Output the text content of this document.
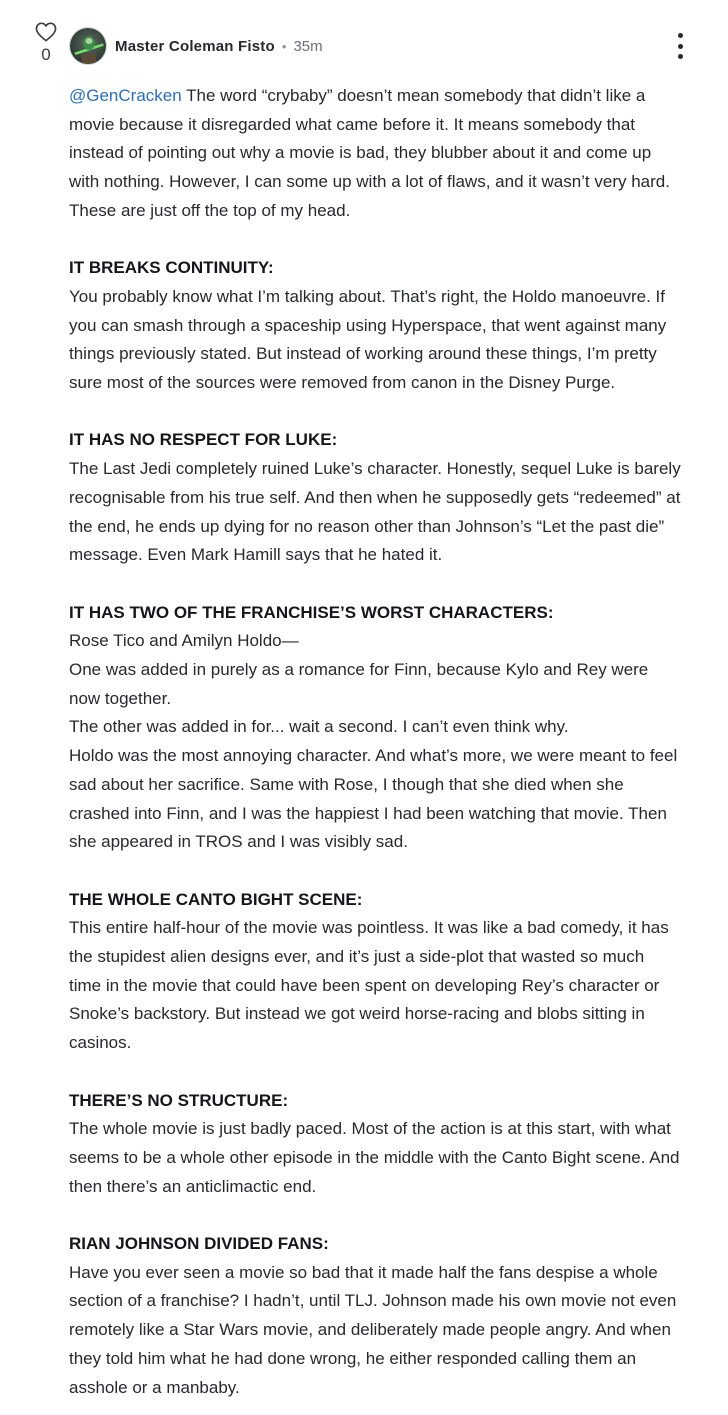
0	Master Coleman Fisto • 35m

@GenCracken The word “crybaby” doesn’t mean somebody that didn’t like a movie because it disregarded what came before it. It means somebody that instead of pointing out why a movie is bad, they blubber about it and come up with nothing. However, I can some up with a lot of flaws, and it wasn’t very hard. These are just off the top of my head.

IT BREAKS CONTINUITY:

You probably know what I’m talking about. That’s right, the Holdo manoeuvre. If you can smash through a spaceship using Hyperspace, that went against many things previously stated. But instead of working around these things, I’m pretty sure most of the sources were removed from canon in the Disney Purge.

IT HAS NO RESPECT FOR LUKE:

The Last Jedi completely ruined Luke’s character. Honestly, sequel Luke is barely recognisable from his true self. And then when he supposedly gets “redeemed” at the end, he ends up dying for no reason other than Johnson’s “Let the past die” message. Even Mark Hamill says that he hated it.

IT HAS TWO OF THE FRANCHISE’S WORST CHARACTERS:

Rose Tico and Amilyn Holdo—

One was added in purely as a romance for Finn, because Kylo and Rey were now together.

The other was added in for... wait a second. I can’t even think why.

Holdo was the most annoying character. And what’s more, we were meant to feel sad about her sacrifice. Same with Rose, I though that she died when she crashed into Finn, and I was the happiest I had been watching that movie. Then she appeared in TROS and I was visibly sad.

THE WHOLE CANTO BIGHT SCENE:

This entire half-hour of the movie was pointless. It was like a bad comedy, it has the stupidest alien designs ever, and it’s just a side-plot that wasted so much time in the movie that could have been spent on developing Rey’s character or Snoke’s backstory. But instead we got weird horse-racing and blobs sitting in casinos.

THERE’S NO STRUCTURE:

The whole movie is just badly paced. Most of the action is at this start, with what seems to be a whole other episode in the middle with the Canto Bight scene. And then there’s an anticlimactic end.

RIAN JOHNSON DIVIDED FANS:

Have you ever seen a movie so bad that it made half the fans despise a whole section of a franchise? I hadn’t, until TLJ. Johnson made his own movie not even remotely like a Star Wars movie, and deliberately made people angry. And when they told him what he had done wrong, he either responded calling them an asshole or a manbaby.
